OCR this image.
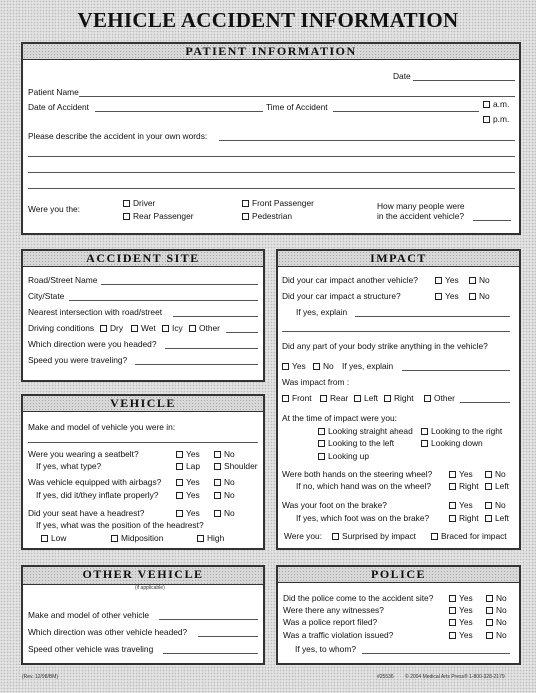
VEHICLE ACCIDENT INFORMATION
PATIENT INFORMATION
Date
Patient Name
Date of Accident	Time of Accident	a.m.
p.m.
Please describe the accident in your own words:
Were you the:
Driver
Rear Passenger
Front Passenger
Pedestrian
How many people were
in the accident vehicle?
ACCIDENT SITE
Road/Street Name
City/State
Nearest intersection with road/street
Driving conditions	Dry	Wet	Icy	Other
Which direction were you headed?
Speed you were traveling?
IMPACT
Did your car impact another vehicle?	Yes	No
Did your car impact a structure?	Yes	No
If yes, explain
Did any part of your body strike anything in the vehicle?
Yes	No If yes, explain
Was impact from :
Front	Rear	Left	Right	Other
At the time of impact were you:
Looking straight ahead	Looking to the right
Looking to the left	Looking down
Looking up
Were both hands on the steering wheel?	Yes	No
If no, which hand was on the wheel?	Right	Left
Was your foot on the brake?	Yes	No
If yes, which foot was on the brake?	Right	Left
Were you:	Surprised by impact	Braced for impact
VEHICLE
Make and model of vehicle you were in:
Were you wearing a seatbelt?	Yes	No
If yes, what type?	Lap	Shoulder
Was vehicle equipped with airbags?	Yes	No
If yes, did it/they inflate properly?	Yes	No
Did your seat have a headrest?	Yes	No
If yes, what was the position of the headrest?
Low	Midposition	High
OTHER VEHICLE
(if applicable)
Make and model of other vehicle
Which direction was other vehicle headed?
Speed other vehicle was traveling
POLICE
Did the police come to the accident site?	Yes	No
Were there any witnesses?	Yes	No
Was a police report filed?	Yes	No
Was a traffic violation issued?	Yes	No
If yes, to whom?
(Rev. 12/98/BM)	#25536 © 2004 Medical Arts Press® 1-800-328-2179
